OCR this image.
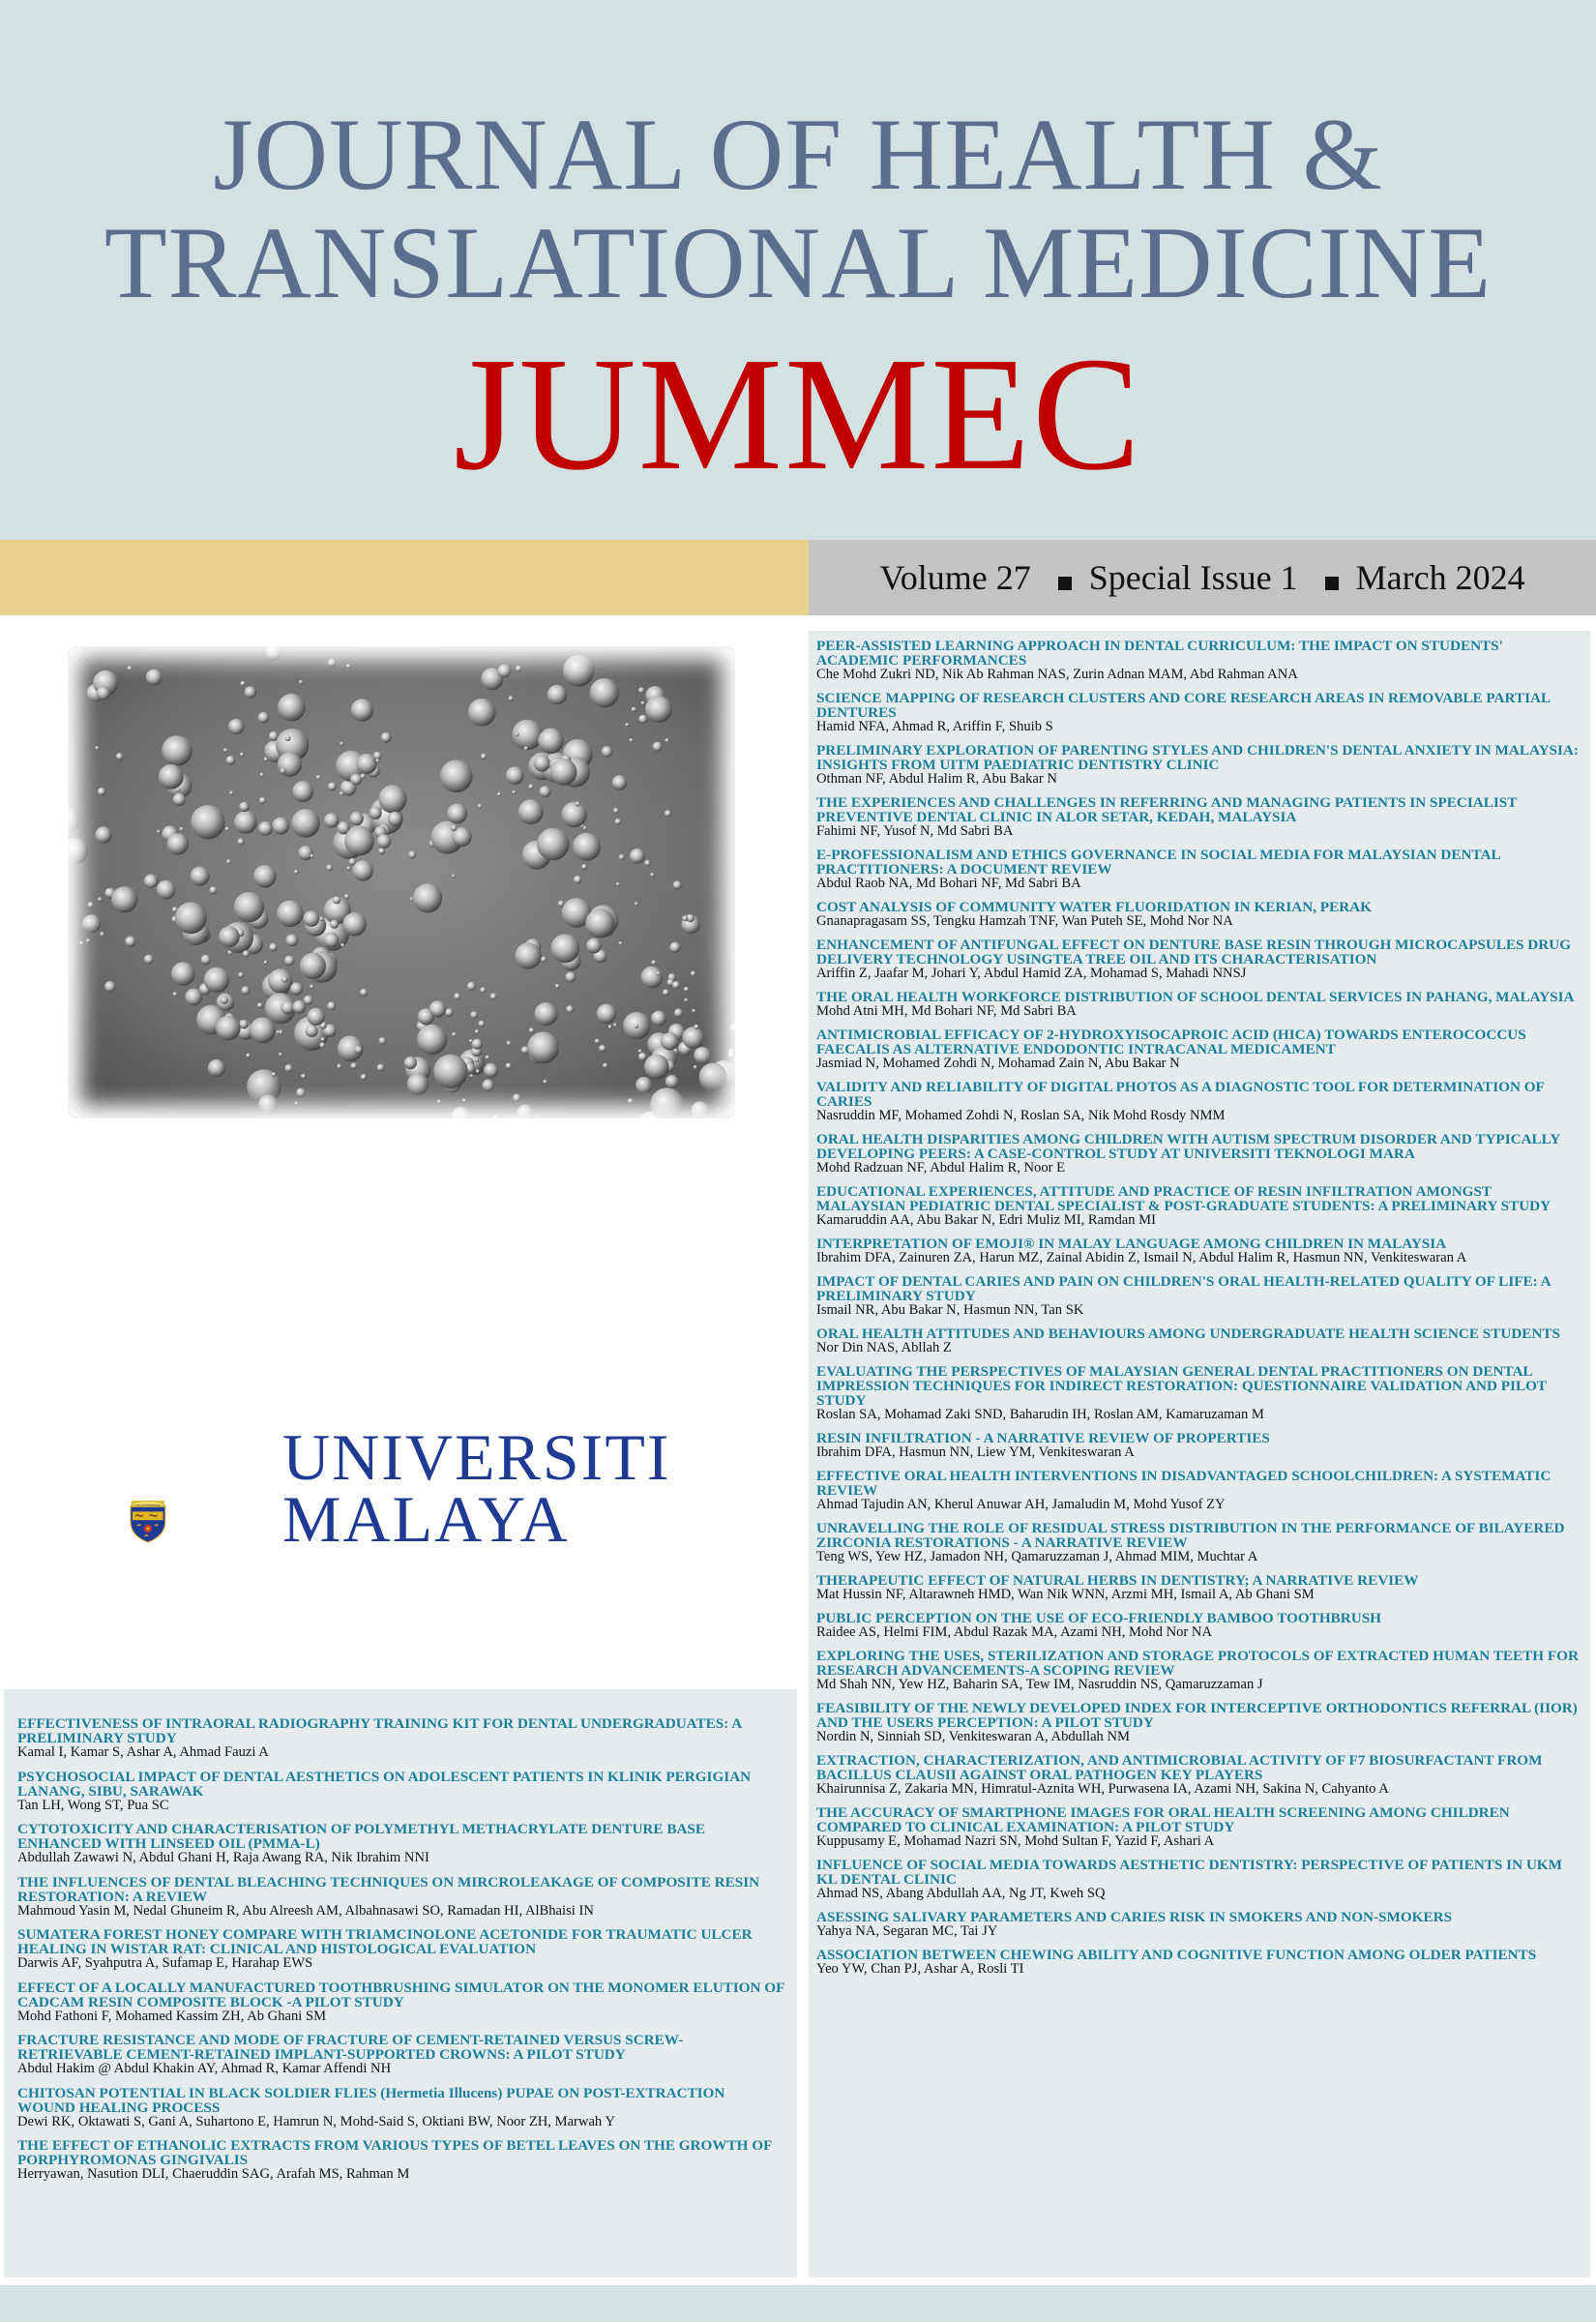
JOURNAL OF HEALTH &
TRANSLATIONAL MEDICINE
JUMMEC
Volume 27 Special Issue 1 March 2024
ILMU PUNCHA KEMAJUAN
UNIVERSITI
MALAYA
EFFECTIVENESS OF INTRAORAL RADIOGRAPHY TRAINING KIT FOR DENTAL UNDERGRADUATES: A PRELIMINARY STUDY
Kamal I, Kamar S, Ashar A, Ahmad Fauzi A
PSYCHOSOCIAL IMPACT OF DENTAL AESTHETICS ON ADOLESCENT PATIENTS IN KLINIK PERGIGIAN LANANG, SIBU, SARAWAK
Tan LH, Wong ST, Pua SC
CYTOTOXICITY AND CHARACTERISATION OF POLYMETHYL METHACRYLATE DENTURE BASE ENHANCED WITH LINSEED OIL (PMMA-L)
Abdullah Zawawi N, Abdul Ghani H, Raja Awang RA, Nik Ibrahim NNI
THE INFLUENCES OF DENTAL BLEACHING TECHNIQUES ON MIRCROLEAKAGE OF COMPOSITE RESIN RESTORATION: A REVIEW
Mahmoud Yasin M, Nedal Ghuneim R, Abu Alreesh AM, Albahnasawi SO, Ramadan HI, AlBhaisi IN
SUMATERA FOREST HONEY COMPARE WITH TRIAMCINOLONE ACETONIDE FOR TRAUMATIC ULCER HEALING IN WISTAR RAT: CLINICAL AND HISTOLOGICAL EVALUATION
Darwis AF, Syahputra A, Sufamap E, Harahap EWS
EFFECT OF A LOCALLY MANUFACTURED TOOTHBRUSHING SIMULATOR ON THE MONOMER ELUTION OF CADCAM RESIN COMPOSITE BLOCK -A PILOT STUDY
Mohd Fathoni F, Mohamed Kassim ZH, Ab Ghani SM
FRACTURE RESISTANCE AND MODE OF FRACTURE OF CEMENT-RETAINED VERSUS SCREW-RETRIEVABLE CEMENT-RETAINED IMPLANT-SUPPORTED CROWNS: A PILOT STUDY
Abdul Hakim @ Abdul Khakin AY, Ahmad R, Kamar Affendi NH
CHITOSAN POTENTIAL IN BLACK SOLDIER FLIES (Hermetia Illucens) PUPAE ON POST-EXTRACTION WOUND HEALING PROCESS
Dewi RK, Oktawati S, Gani A, Suhartono E, Hamrun N, Mohd-Said S, Oktiani BW, Noor ZH, Marwah Y
THE EFFECT OF ETHANOLIC EXTRACTS FROM VARIOUS TYPES OF BETEL LEAVES ON THE GROWTH OF PORPHYROMONAS GINGIVALIS
Herryawan, Nasution DLI, Chaeruddin SAG, Arafah MS, Rahman M
PEER-ASSISTED LEARNING APPROACH IN DENTAL CURRICULUM: THE IMPACT ON STUDENTS' ACADEMIC PERFORMANCES
Che Mohd Zukri ND, Nik Ab Rahman NAS, Zurin Adnan MAM, Abd Rahman ANA
SCIENCE MAPPING OF RESEARCH CLUSTERS AND CORE RESEARCH AREAS IN REMOVABLE PARTIAL DENTURES
Hamid NFA, Ahmad R, Ariffin F, Shuib S
PRELIMINARY EXPLORATION OF PARENTING STYLES AND CHILDREN'S DENTAL ANXIETY IN MALAYSIA: INSIGHTS FROM UITM PAEDIATRIC DENTISTRY CLINIC
Othman NF, Abdul Halim R, Abu Bakar N
THE EXPERIENCES AND CHALLENGES IN REFERRING AND MANAGING PATIENTS IN SPECIALIST PREVENTIVE DENTAL CLINIC IN ALOR SETAR, KEDAH, MALAYSIA
Fahimi NF, Yusof N, Md Sabri BA
E-PROFESSIONALISM AND ETHICS GOVERNANCE IN SOCIAL MEDIA FOR MALAYSIAN DENTAL PRACTITIONERS: A DOCUMENT REVIEW
Abdul Raob NA, Md Bohari NF, Md Sabri BA
COST ANALYSIS OF COMMUNITY WATER FLUORIDATION IN KERIAN, PERAK
Gnanapragasam SS, Tengku Hamzah TNF, Wan Puteh SE, Mohd Nor NA
ENHANCEMENT OF ANTIFUNGAL EFFECT ON DENTURE BASE RESIN THROUGH MICROCAPSULES DRUG DELIVERY TECHNOLOGY USINGTEA TREE OIL AND ITS CHARACTERISATION
Ariffin Z, Jaafar M, Johari Y, Abdul Hamid ZA, Mohamad S, Mahadi NNSJ
THE ORAL HEALTH WORKFORCE DISTRIBUTION OF SCHOOL DENTAL SERVICES IN PAHANG, MALAYSIA
Mohd Atni MH, Md Bohari NF, Md Sabri BA
ANTIMICROBIAL EFFICACY OF 2-HYDROXYISOCAPROIC ACID (HICA) TOWARDS ENTEROCOCCUS FAECALIS AS ALTERNATIVE ENDODONTIC INTRACANAL MEDICAMENT
Jasmiad N, Mohamed Zohdi N, Mohamad Zain N, Abu Bakar N
VALIDITY AND RELIABILITY OF DIGITAL PHOTOS AS A DIAGNOSTIC TOOL FOR DETERMINATION OF CARIES
Nasruddin MF, Mohamed Zohdi N, Roslan SA, Nik Mohd Rosdy NMM
ORAL HEALTH DISPARITIES AMONG CHILDREN WITH AUTISM SPECTRUM DISORDER AND TYPICALLY DEVELOPING PEERS: A CASE-CONTROL STUDY AT UNIVERSITI TEKNOLOGI MARA
Mohd Radzuan NF, Abdul Halim R, Noor E
EDUCATIONAL EXPERIENCES, ATTITUDE AND PRACTICE OF RESIN INFILTRATION AMONGST MALAYSIAN PEDIATRIC DENTAL SPECIALIST & POST-GRADUATE STUDENTS: A PRELIMINARY STUDY
Kamaruddin AA, Abu Bakar N, Edri Muliz MI, Ramdan MI
INTERPRETATION OF EMOJI® IN MALAY LANGUAGE AMONG CHILDREN IN MALAYSIA
Ibrahim DFA, Zainuren ZA, Harun MZ, Zainal Abidin Z, Ismail N, Abdul Halim R, Hasmun NN, Venkiteswaran A
IMPACT OF DENTAL CARIES AND PAIN ON CHILDREN'S ORAL HEALTH-RELATED QUALITY OF LIFE: A PRELIMINARY STUDY
Ismail NR, Abu Bakar N, Hasmun NN, Tan SK
ORAL HEALTH ATTITUDES AND BEHAVIOURS AMONG UNDERGRADUATE HEALTH SCIENCE STUDENTS
Nor Din NAS, Abllah Z
EVALUATING THE PERSPECTIVES OF MALAYSIAN GENERAL DENTAL PRACTITIONERS ON DENTAL IMPRESSION TECHNIQUES FOR INDIRECT RESTORATION: QUESTIONNAIRE VALIDATION AND PILOT STUDY
Roslan SA, Mohamad Zaki SND, Baharudin IH, Roslan AM, Kamaruzaman M
RESIN INFILTRATION - A NARRATIVE REVIEW OF PROPERTIES
Ibrahim DFA, Hasmun NN, Liew YM, Venkiteswaran A
EFFECTIVE ORAL HEALTH INTERVENTIONS IN DISADVANTAGED SCHOOLCHILDREN: A SYSTEMATIC REVIEW
Ahmad Tajudin AN, Kherul Anuwar AH, Jamaludin M, Mohd Yusof ZY
UNRAVELLING THE ROLE OF RESIDUAL STRESS DISTRIBUTION IN THE PERFORMANCE OF BILAYERED ZIRCONIA RESTORATIONS - A NARRATIVE REVIEW
Teng WS, Yew HZ, Jamadon NH, Qamaruzzaman J, Ahmad MIM, Muchtar A
THERAPEUTIC EFFECT OF NATURAL HERBS IN DENTISTRY; A NARRATIVE REVIEW
Mat Hussin NF, Altarawneh HMD, Wan Nik WNN, Arzmi MH, Ismail A, Ab Ghani SM
PUBLIC PERCEPTION ON THE USE OF ECO-FRIENDLY BAMBOO TOOTHBRUSH
Raidee AS, Helmi FIM, Abdul Razak MA, Azami NH, Mohd Nor NA
EXPLORING THE USES, STERILIZATION AND STORAGE PROTOCOLS OF EXTRACTED HUMAN TEETH FOR RESEARCH ADVANCEMENTS-A SCOPING REVIEW
Md Shah NN, Yew HZ, Baharin SA, Tew IM, Nasruddin NS, Qamaruzzaman J
FEASIBILITY OF THE NEWLY DEVELOPED INDEX FOR INTERCEPTIVE ORTHODONTICS REFERRAL (IIOR) AND THE USERS PERCEPTION: A PILOT STUDY
Nordin N, Sinniah SD, Venkiteswaran A, Abdullah NM
EXTRACTION, CHARACTERIZATION, AND ANTIMICROBIAL ACTIVITY OF F7 BIOSURFACTANT FROM BACILLUS CLAUSII AGAINST ORAL PATHOGEN KEY PLAYERS
Khairunnisa Z, Zakaria MN, Himratul-Aznita WH, Purwasena IA, Azami NH, Sakina N, Cahyanto A
THE ACCURACY OF SMARTPHONE IMAGES FOR ORAL HEALTH SCREENING AMONG CHILDREN COMPARED TO CLINICAL EXAMINATION: A PILOT STUDY
Kuppusamy E, Mohamad Nazri SN, Mohd Sultan F, Yazid F, Ashari A
INFLUENCE OF SOCIAL MEDIA TOWARDS AESTHETIC DENTISTRY: PERSPECTIVE OF PATIENTS IN UKM KL DENTAL CLINIC
Ahmad NS, Abang Abdullah AA, Ng JT, Kweh SQ
ASESSING SALIVARY PARAMETERS AND CARIES RISK IN SMOKERS AND NON-SMOKERS
Yahya NA, Segaran MC, Tai JY
ASSOCIATION BETWEEN CHEWING ABILITY AND COGNITIVE FUNCTION AMONG OLDER PATIENTS
Yeo YW, Chan PJ, Ashar A, Rosli TI
